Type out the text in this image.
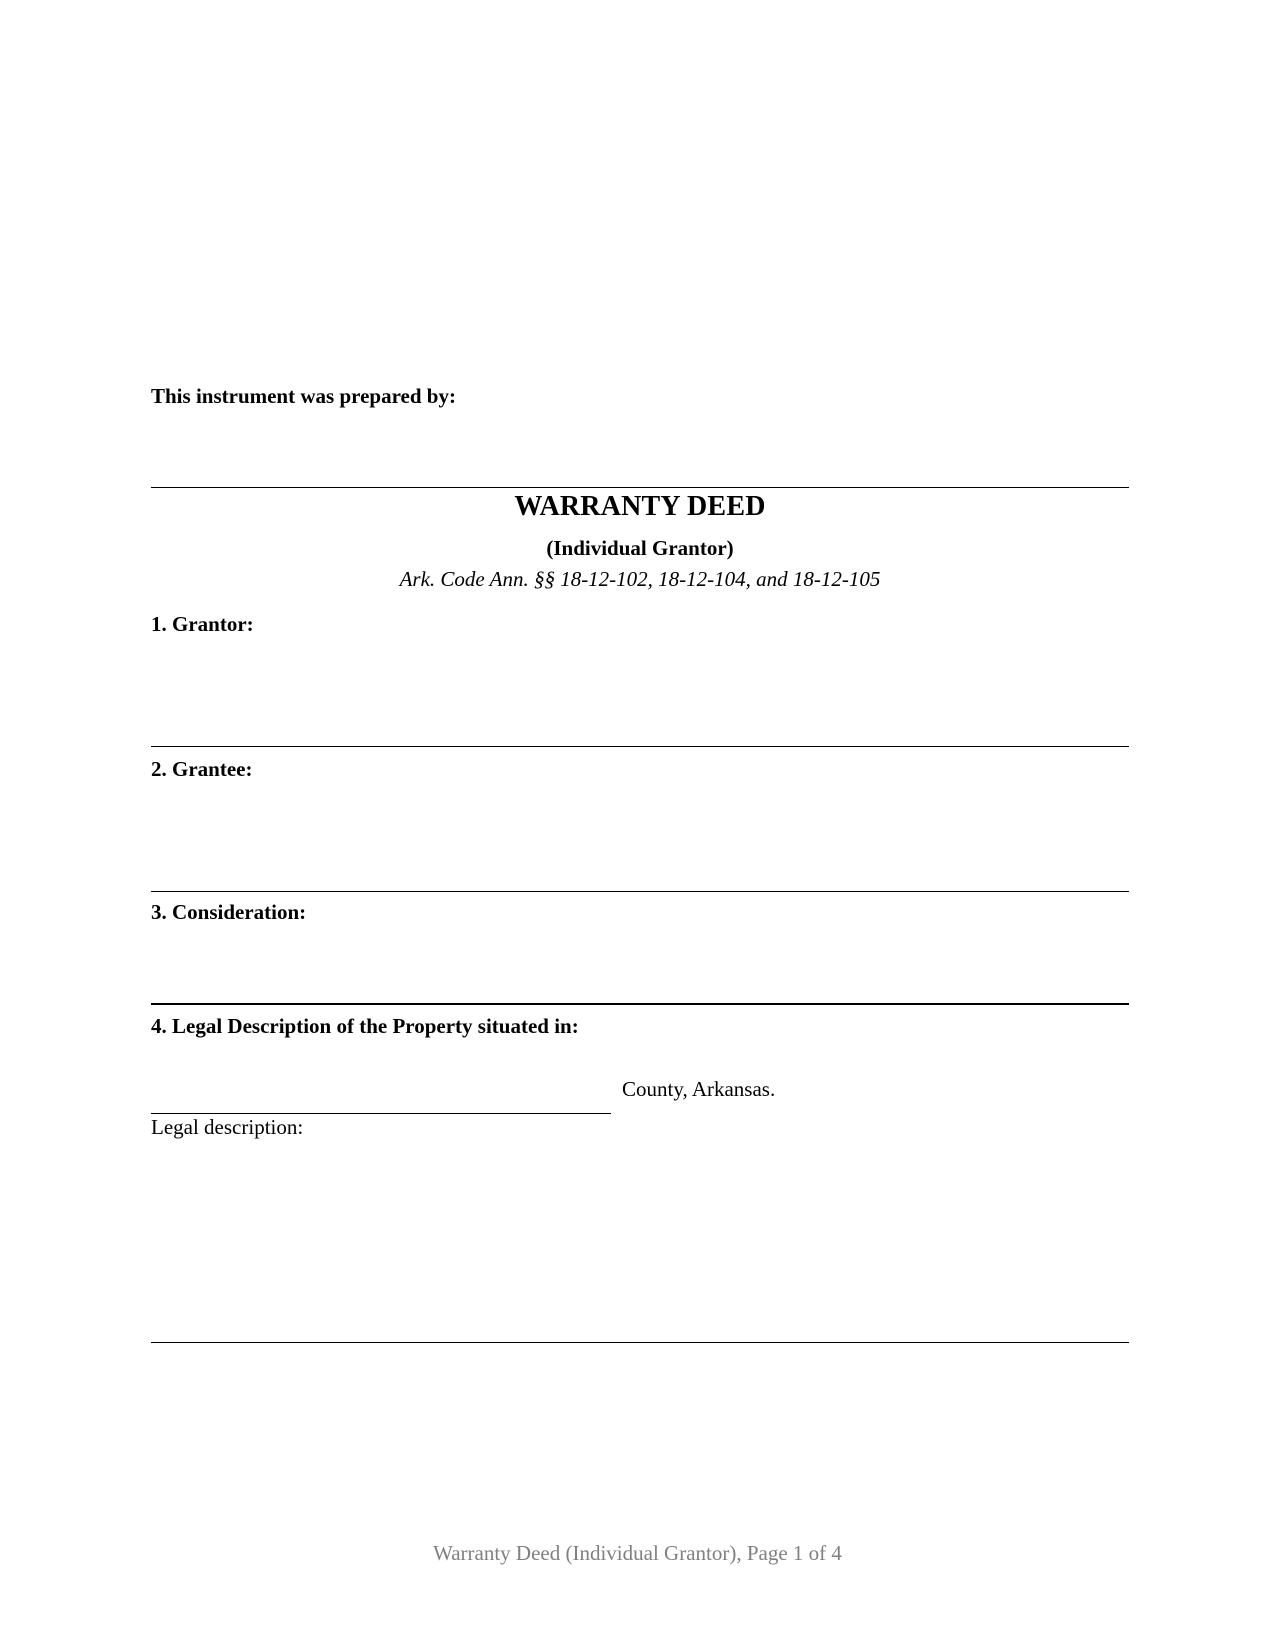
This instrument was prepared by:
WARRANTY DEED
(Individual Grantor)
Ark. Code Ann. §§ 18-12-102, 18-12-104, and 18-12-105
1. Grantor:
2. Grantee:
3. Consideration:
4. Legal Description of the Property situated in:
County, Arkansas.
Legal description:
Warranty Deed (Individual Grantor), Page 1 of 4
